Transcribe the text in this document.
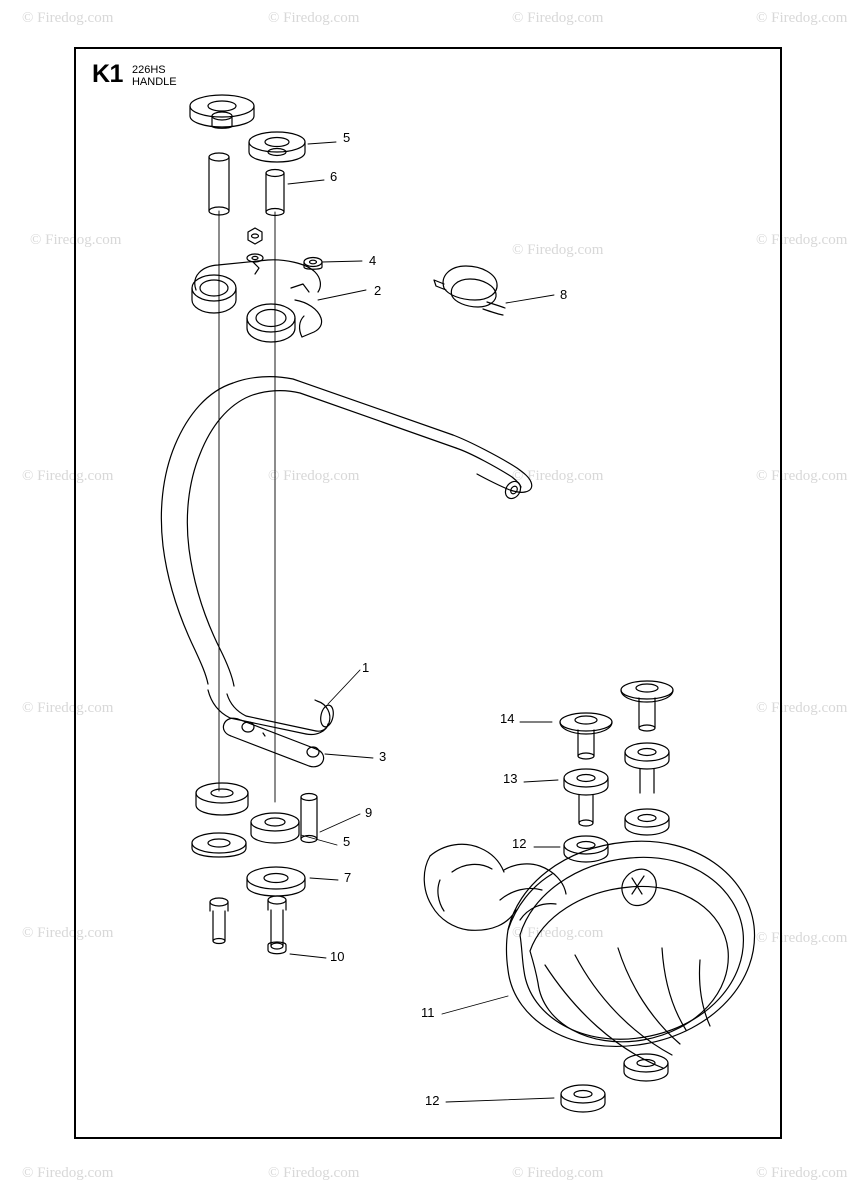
© Firedog.com	© Firedog.com	© Firedog.com	© Firedog.com
© Firedog.com
© Firedog.com
© Firedog.com
© Firedog.com	© Firedog.com	© Firedog.com	© Firedog.com
© Firedog.com	© Firedog.com
© Firedog.com	© Firedog.com	© Firedog.com
© Firedog.com	© Firedog.com	© Firedog.com	© Firedog.com
K1 226HS
HANDLE
5
6
4
2	8
1
3
9
5
7
10
14
13
12
11
12
